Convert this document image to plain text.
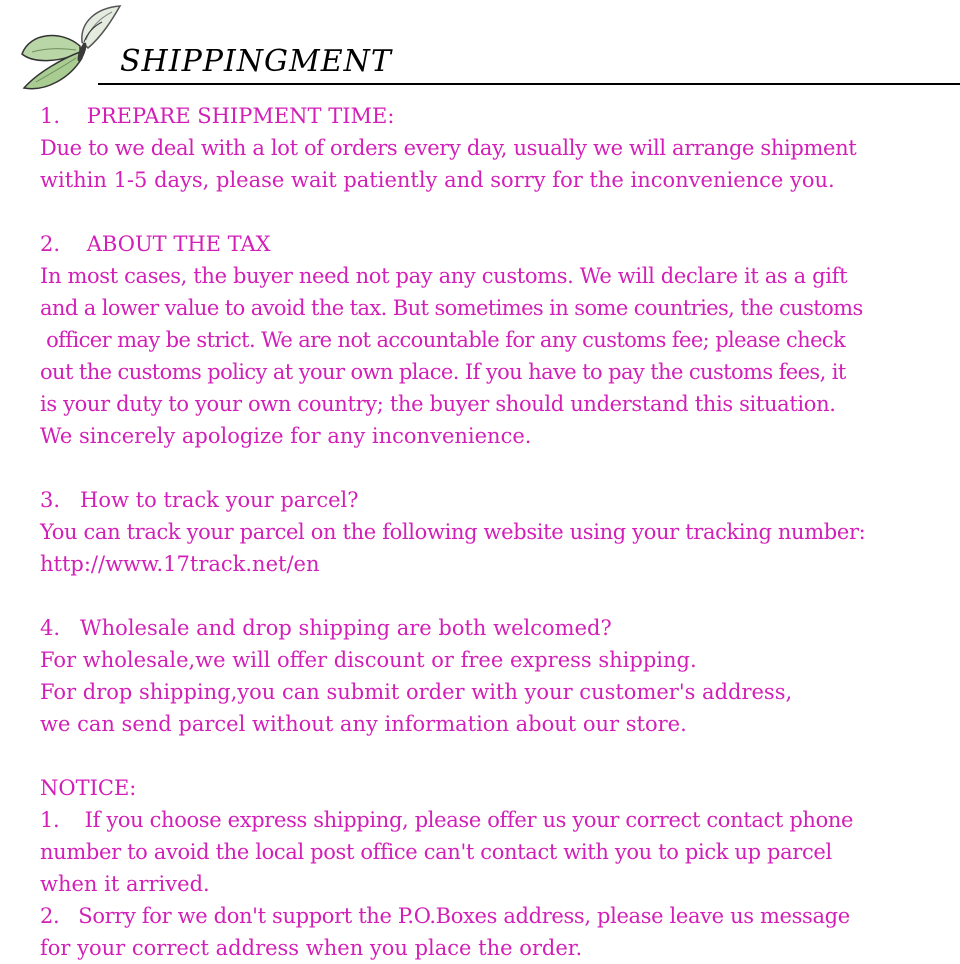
SHIPPINGMENT
1.    PREPARE SHIPMENT TIME:
Due to we deal with a lot of orders every day, usually we will arrange shipment
within 1-5 days, please wait patiently and sorry for the inconvenience you.
2.    ABOUT THE TAX
In most cases, the buyer need not pay any customs. We will declare it as a gift
and a lower value to avoid the tax. But sometimes in some countries, the customs
officer may be strict. We are not accountable for any customs fee; please check
out the customs policy at your own place. If you have to pay the customs fees, it
is your duty to your own country; the buyer should understand this situation.
We sincerely apologize for any inconvenience.
3.   How to track your parcel?
You can track your parcel on the following website using your tracking number:
http://www.17track.net/en
4.   Wholesale and drop shipping are both welcomed?
For wholesale,we will offer discount or free express shipping.
For drop shipping,you can submit order with your customer's address,
we can send parcel without any information about our store.
NOTICE:
1.    If you choose express shipping, please offer us your correct contact phone
number to avoid the local post office can't contact with you to pick up parcel
when it arrived.
2.   Sorry for we don't support the P.O.Boxes address, please leave us message
for your correct address when you place the order.
